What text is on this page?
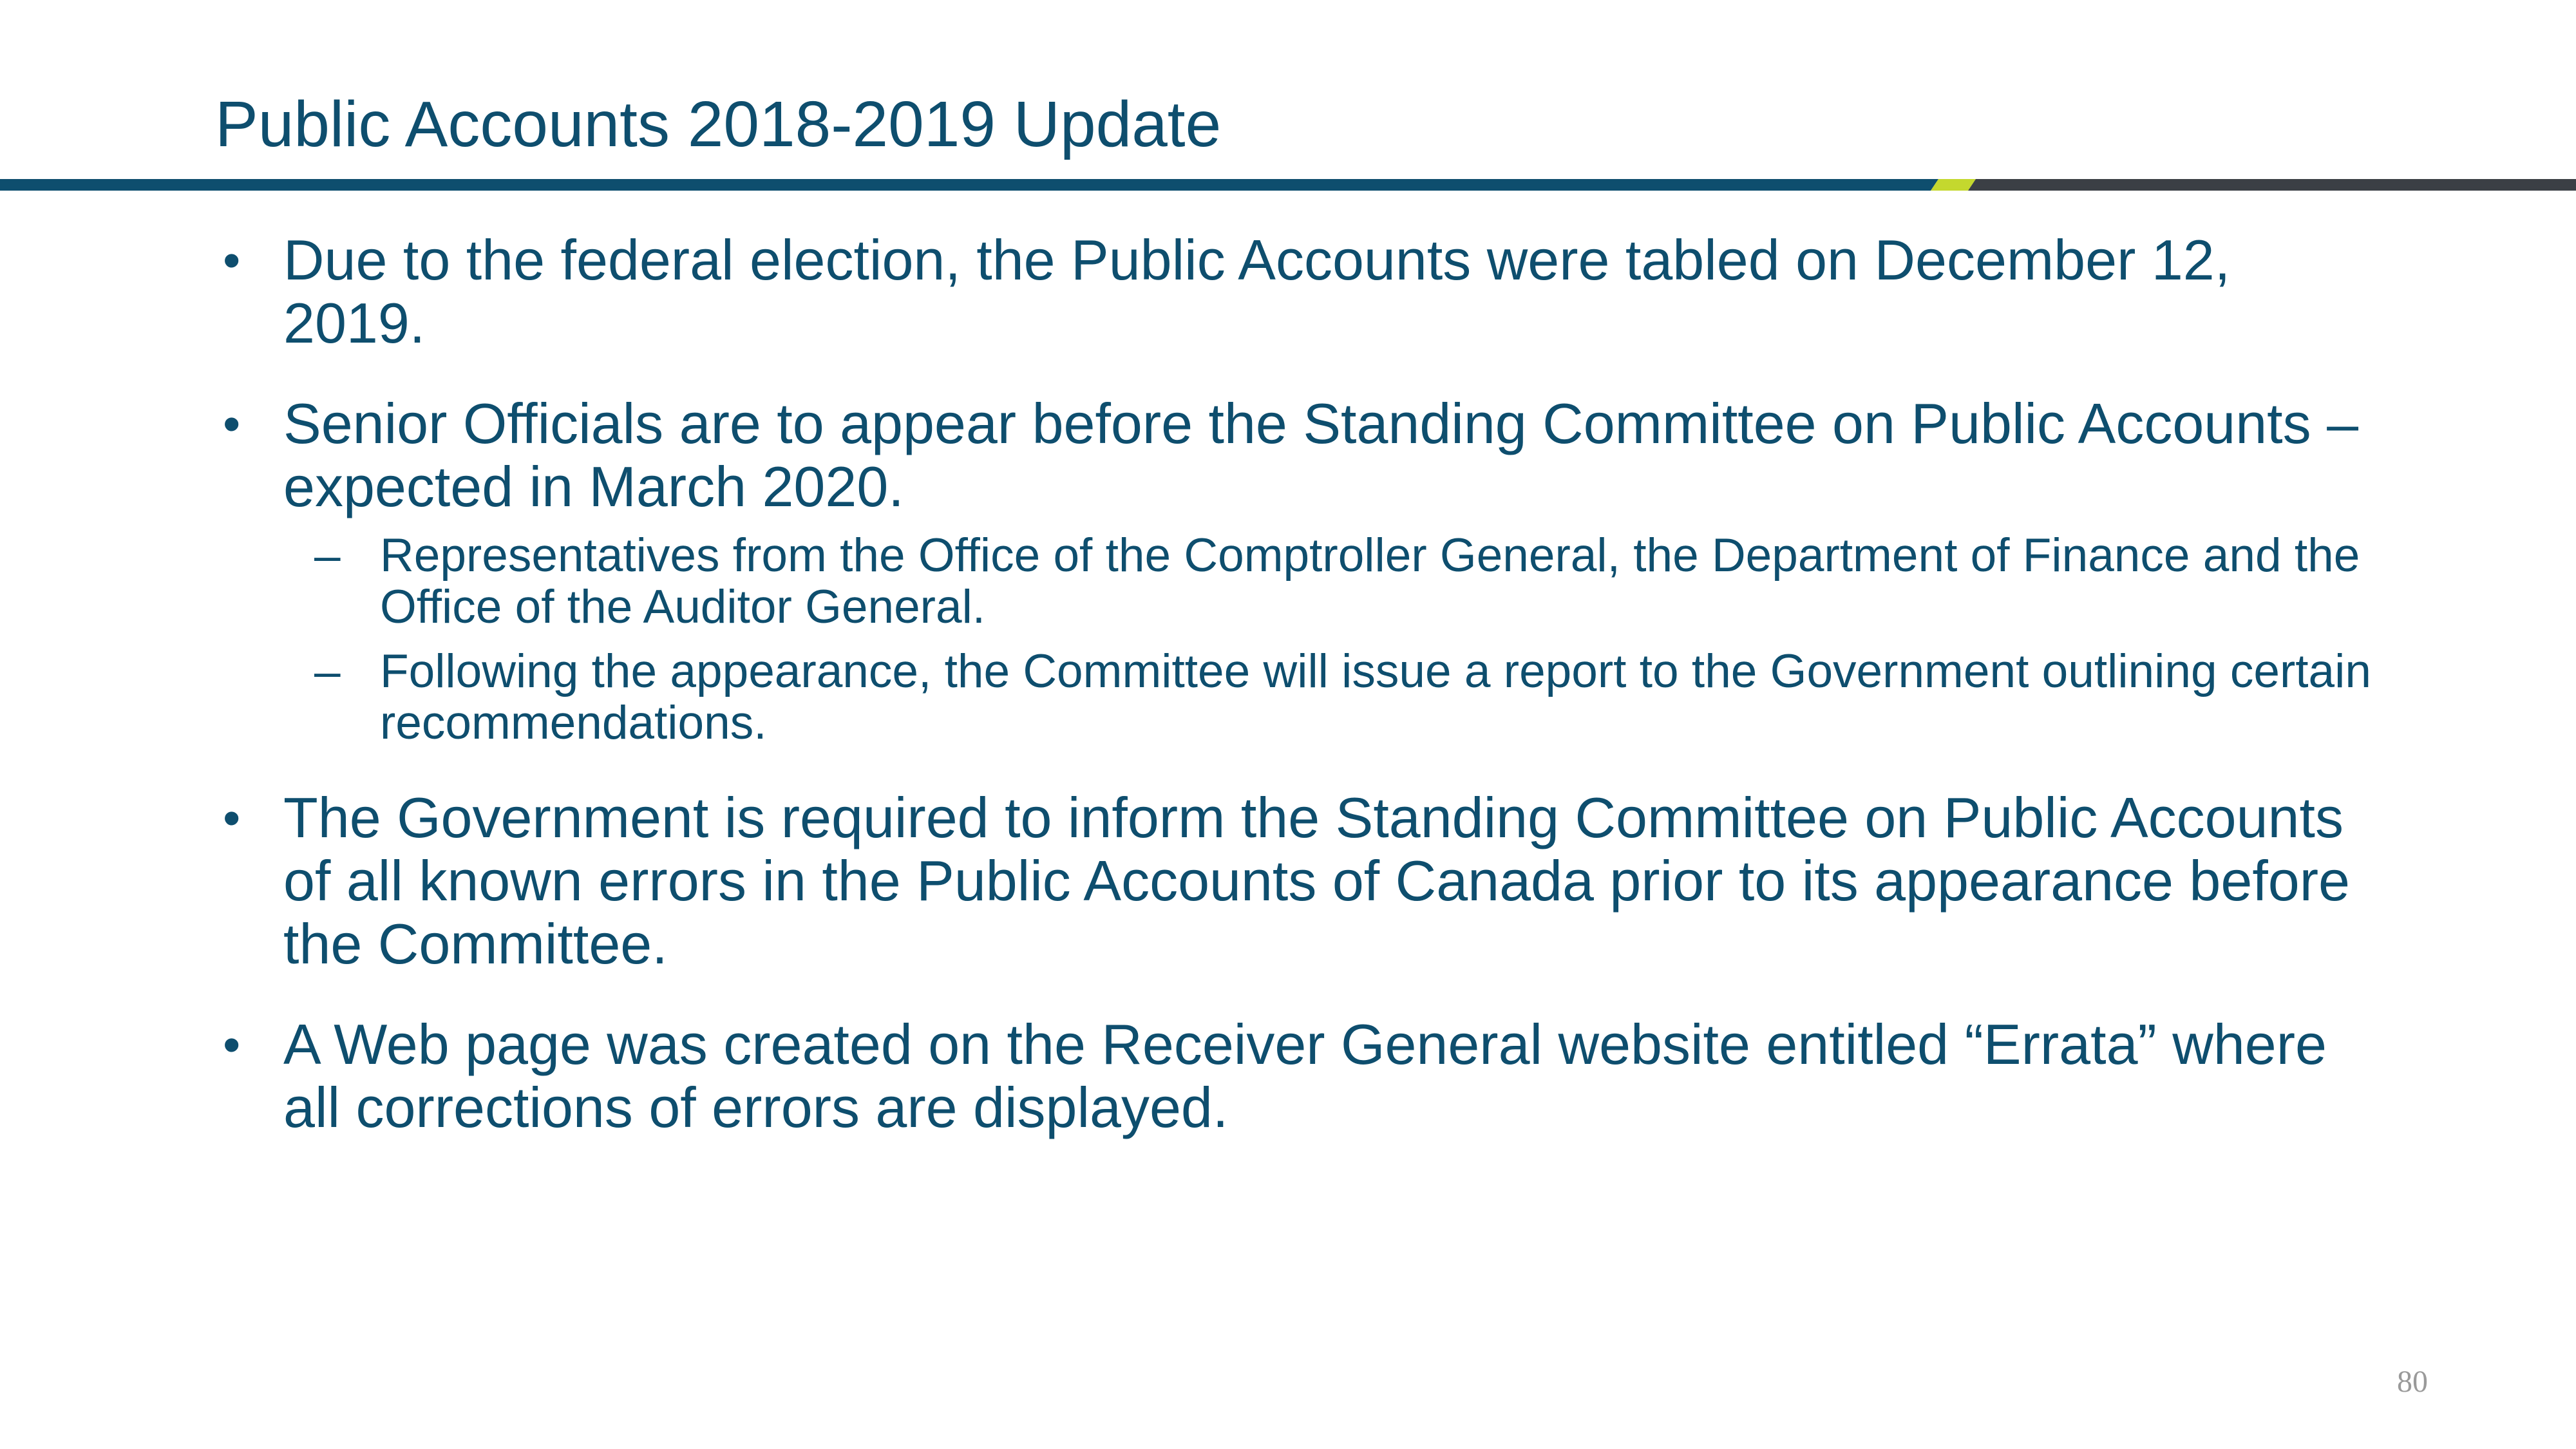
Public Accounts 2018-2019 Update
• Due to the federal election, the Public Accounts were tabled on December 12, 2019.
• Senior Officials are to appear before the Standing Committee on Public Accounts – expected in March 2020.
– Representatives from the Office of the Comptroller General, the Department of Finance and the Office of the Auditor General.
– Following the appearance, the Committee will issue a report to the Government outlining certain recommendations.
• The Government is required to inform the Standing Committee on Public Accounts of all known errors in the Public Accounts of Canada prior to its appearance before the Committee.
• A Web page was created on the Receiver General website entitled “Errata” where all corrections of errors are displayed.
80
